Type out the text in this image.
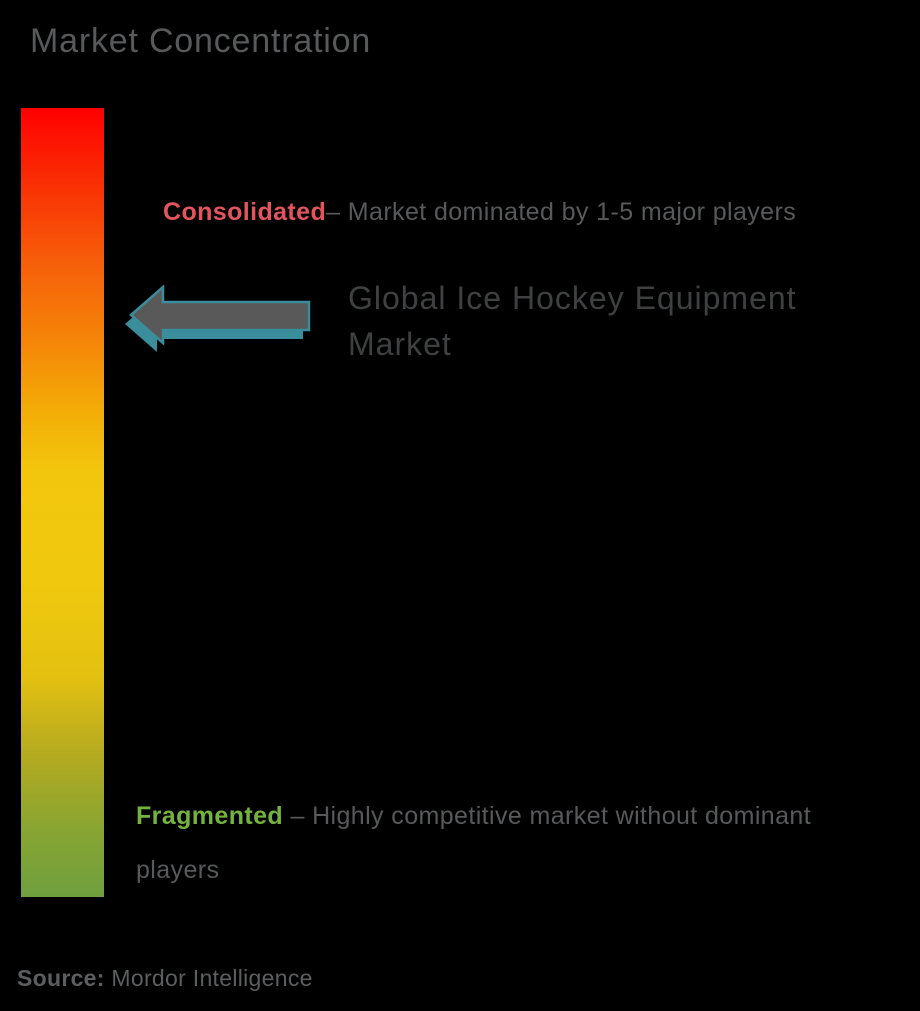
Market Concentration
Consolidated– Market dominated by 1-5 major players
Global Ice Hockey Equipment Market
Fragmented – Highly competitive market without dominant players
Source: Mordor Intelligence
